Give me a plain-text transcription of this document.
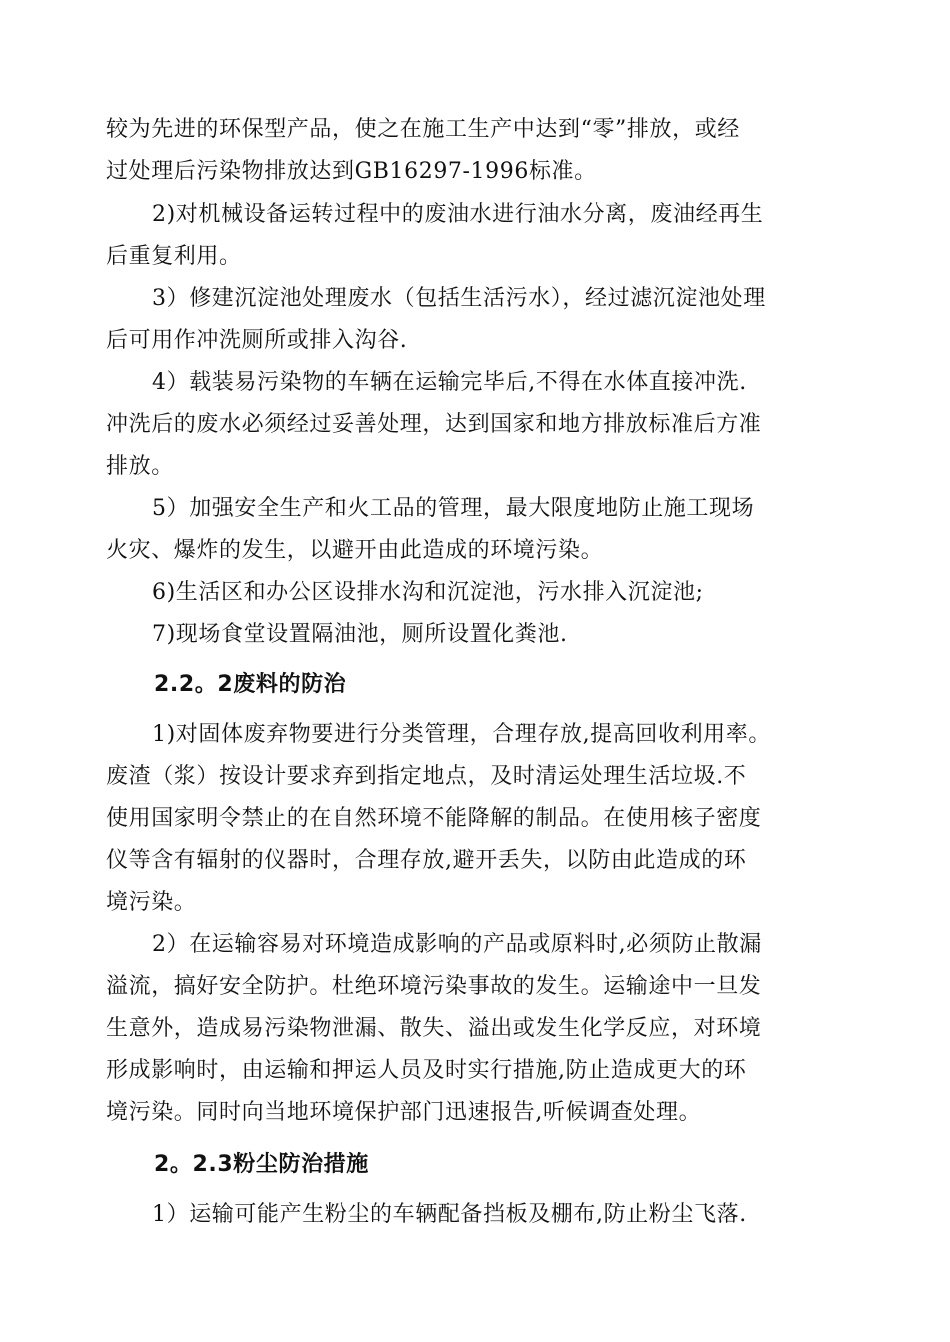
较为先进的环保型产品，使之在施工生产中达到“零”排放，或经
过处理后污染物排放达到GB16297-1996标准。
2)对机械设备运转过程中的废油水进行油水分离，废油经再生
后重复利用。
3）修建沉淀池处理废水（包括生活污水），经过滤沉淀池处理
后可用作冲洗厕所或排入沟谷.
4）载装易污染物的车辆在运输完毕后,不得在水体直接冲洗.
冲洗后的废水必须经过妥善处理，达到国家和地方排放标准后方准
排放。
5）加强安全生产和火工品的管理，最大限度地防止施工现场
火灾、爆炸的发生，以避开由此造成的环境污染。
6)生活区和办公区设排水沟和沉淀池，污水排入沉淀池;
7)现场食堂设置隔油池，厕所设置化粪池.
2.2。2废料的防治
1)对固体废弃物要进行分类管理，合理存放,提高回收利用率。
废渣（浆）按设计要求弃到指定地点，及时清运处理生活垃圾.不
使用国家明令禁止的在自然环境不能降解的制品。在使用核子密度
仪等含有辐射的仪器时，合理存放,避开丢失，以防由此造成的环
境污染。
2）在运输容易对环境造成影响的产品或原料时,必须防止散漏
溢流，搞好安全防护。杜绝环境污染事故的发生。运输途中一旦发
生意外，造成易污染物泄漏、散失、溢出或发生化学反应，对环境
形成影响时，由运输和押运人员及时实行措施,防止造成更大的环
境污染。同时向当地环境保护部门迅速报告,听候调查处理。
2。2.3粉尘防治措施
1）运输可能产生粉尘的车辆配备挡板及棚布,防止粉尘飞落.
